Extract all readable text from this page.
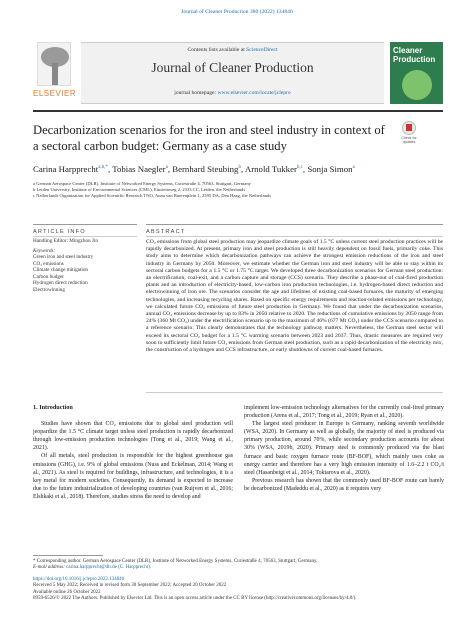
Journal of Cleaner Production 380 (2022) 134846
ELSEVIER
Contents lists available at ScienceDirect
Journal of Cleaner Production
journal homepage: www.elsevier.com/locate/jclepro
Cleaner Production
Decarbonization scenarios for the iron and steel industry in context of a sectoral carbon budget: Germany as a case study
Check for updates
Carina Harpprecht$^{a,b,*}$, Tobias Naegler$^a$, Bernhard Steubing$^b$, Arnold Tukker$^{b,c}$, Sonja Simon$^a$
a German Aerospace Center (DLR), Institute of Networked Energy Systems, Curiestraße 4, 70563, Stuttgart, Germany
b Leiden University, Institute of Environmental Sciences (CML), Einsteinweg 2, 2333 CC, Leiden, the Netherlands
c Netherlands Organization for Applied Scientific Research TNO, Anna van Buerenplein 1, 2595 DA, Den Haag, the Netherlands
ARTICLE INFO	ABSTRACT
Handling Editor: Mingzhou Jin
Keywords:
Green iron and steel industry
CO₂ emissions
Climate change mitigation
Carbon budget
Hydrogen direct reduction
Electrowinning
CO₂ emissions from global steel production may jeopardize climate goals of 1.5 °C unless current steel production practices will be rapidly decarbonized. At present, primary iron and steel production is still heavily dependent on fossil fuels, primarily coke. This study aims to determine which decarbonization pathways can achieve the strongest emission reductions of the iron and steel industry in Germany by 2050. Moreover, we estimate whether the German iron and steel industry will be able to stay within its sectoral carbon budgets for a 1.5 °C or 1.75 °C target. We developed three decarbonization scenarios for German steel production: an electrification, coal-exit, and a carbon capture and storage (CCS) scenario. They describe a phase-out of coal-fired production plants and an introduction of electricity-based, low-carbon iron production technologies, i.e. hydrogen-based direct reduction and electrowinning of iron ore. The scenarios consider the age and lifetimes of existing coal-based furnaces, the maturity of emerging technologies, and increasing recycling shares. Based on specific energy requirements and reaction-related emissions per technology, we calculated future CO₂ emissions of future steel production in Germany. We found that under the decarbonization scenarios, annual CO₂ emissions decrease by up to 83% in 2050 relative to 2020. The reductions of cumulative emissions by 2050 range from 24% (360 Mt CO₂) under the electrification scenario up to the maximum of 46% (677 Mt CO₂) under the CCS scenario compared to a reference scenario. This clearly demonstrates that the technology pathway matters. Nevertheless, the German steel sector will exceed its sectoral CO₂ budget for a 1.5 °C warming scenario between 2023 and 2037. Thus, drastic measures are required very soon to sufficiently limit future CO₂ emissions from German steel production, such as a rapid decarbonization of the electricity mix, the construction of a hydrogen and CCS infrastructure, or early shutdowns of current coal-based furnaces.
1. Introduction

Studies have shown that CO₂ emissions due to global steel production will jeopardize the 1.5 °C climate target unless steel production is rapidly decarbonized through low-emission production technologies (Tong et al., 2019; Wang et al., 2021).

Of all metals, steel production is responsible for the highest greenhouse gas emissions (GHG), i.e. 9% of global emissions (Nuss and Eckelman, 2014; Wang et al., 2021). As steel is required for buildings, infrastructure, and technologies, it is a key metal for modern societies. Consequently, its demand is expected to increase due to the future industrialization of developing countries (van Ruijven et al., 2016; Elshkaki et al., 2018). Therefore, studies stress the need to develop and

implement low-emission technology alternatives for the currently coal-fired primary production (Arens et al., 2017; Tong et al., 2019; Ryan et al., 2020).

The largest steel producer in Europe is Germany, ranking seventh worldwide (WSA, 2020). In Germany as well as globally, the majority of steel is produced via primary production, around 70%, while secondary production accounts for about 30% (WSA, 2019b, 2020). Primary steel is commonly produced via the blast furnace and basic oxygen furnace route (BF-BOF), which mainly uses coke as energy carrier and therefore has a very high emission intensity of 1.6–2.2 t CO₂/t steel (Hasanbeigi et al., 2014; Toktarova et al., 2020).

Previous research has shown that the commonly used BF-BOF route can barely be decarbonized (Madeddu et al., 2020) as it requires very

* Corresponding author. German Aerospace Center (DLR), Institute of Networked Energy Systems, Curiestraße 4, 70563, Stuttgart, Germany.
E-mail address: carina.harpprecht@dlr.de (C. Harpprecht).
https://doi.org/10.1016/j.jclepro.2022.134846
Received 5 May 2022; Received in revised form 30 September 2022; Accepted 20 October 2022
Available online 26 October 2022
0959-6526/© 2022 The Authors. Published by Elsevier Ltd. This is an open access article under the CC BY license (http://creativecommons.org/licenses/by/4.0/).
